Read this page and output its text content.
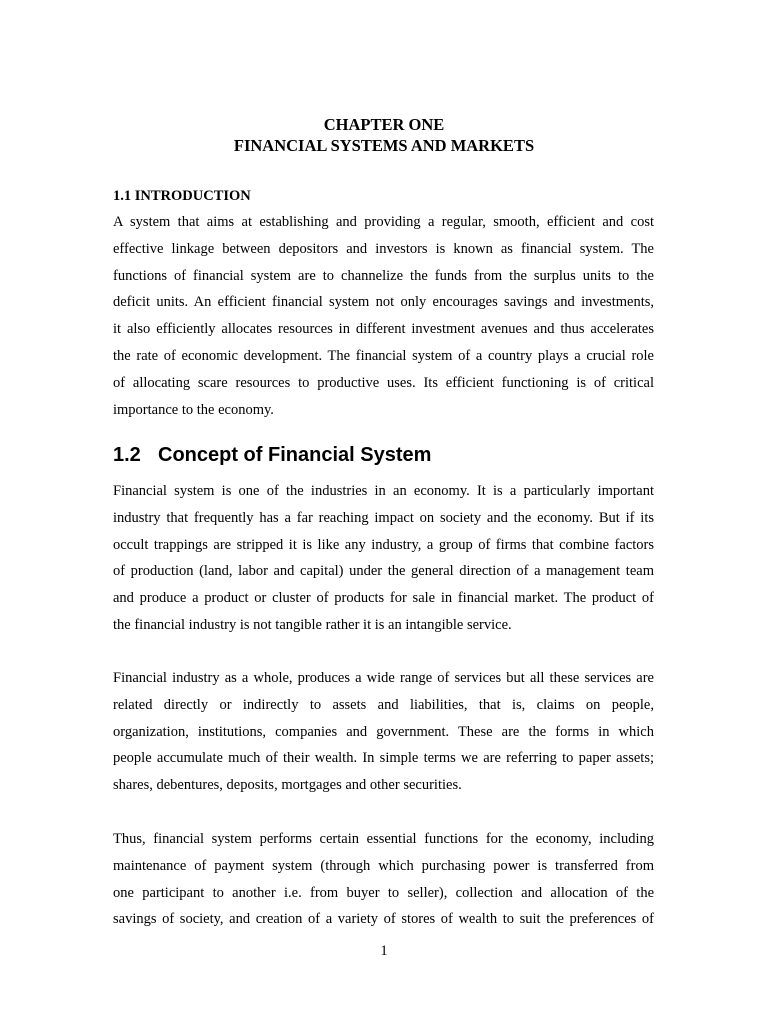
CHAPTER ONE
FINANCIAL SYSTEMS AND MARKETS
1.1 INTRODUCTION

A system that aims at establishing and providing a regular, smooth, efficient and cost
effective linkage between depositors and investors is known as financial system. The
functions of financial system are to channelize the funds from the surplus units to the
deficit units. An efficient financial system not only encourages savings and investments,
it also efficiently allocates resources in different investment avenues and thus accelerates
the rate of economic development. The financial system of a country plays a crucial role
of allocating scare resources to productive uses. Its efficient functioning is of critical
importance to the economy.

1.2 Concept of Financial System

Financial system is one of the industries in an economy. It is a particularly important
industry that frequently has a far reaching impact on society and the economy. But if its
occult trappings are stripped it is like any industry, a group of firms that combine factors
of production (land, labor and capital) under the general direction of a management team
and produce a product or cluster of products for sale in financial market. The product of
the financial industry is not tangible rather it is an intangible service.

Financial industry as a whole, produces a wide range of services but all these services are
related directly or indirectly to assets and liabilities, that is, claims on people,
organization, institutions, companies and government. These are the forms in which
people accumulate much of their wealth. In simple terms we are referring to paper assets;
shares, debentures, deposits, mortgages and other securities.

Thus, financial system performs certain essential functions for the economy, including
maintenance of payment system (through which purchasing power is transferred from
one participant to another i.e. from buyer to seller), collection and allocation of the
savings of society, and creation of a variety of stores of wealth to suit the preferences of

1
